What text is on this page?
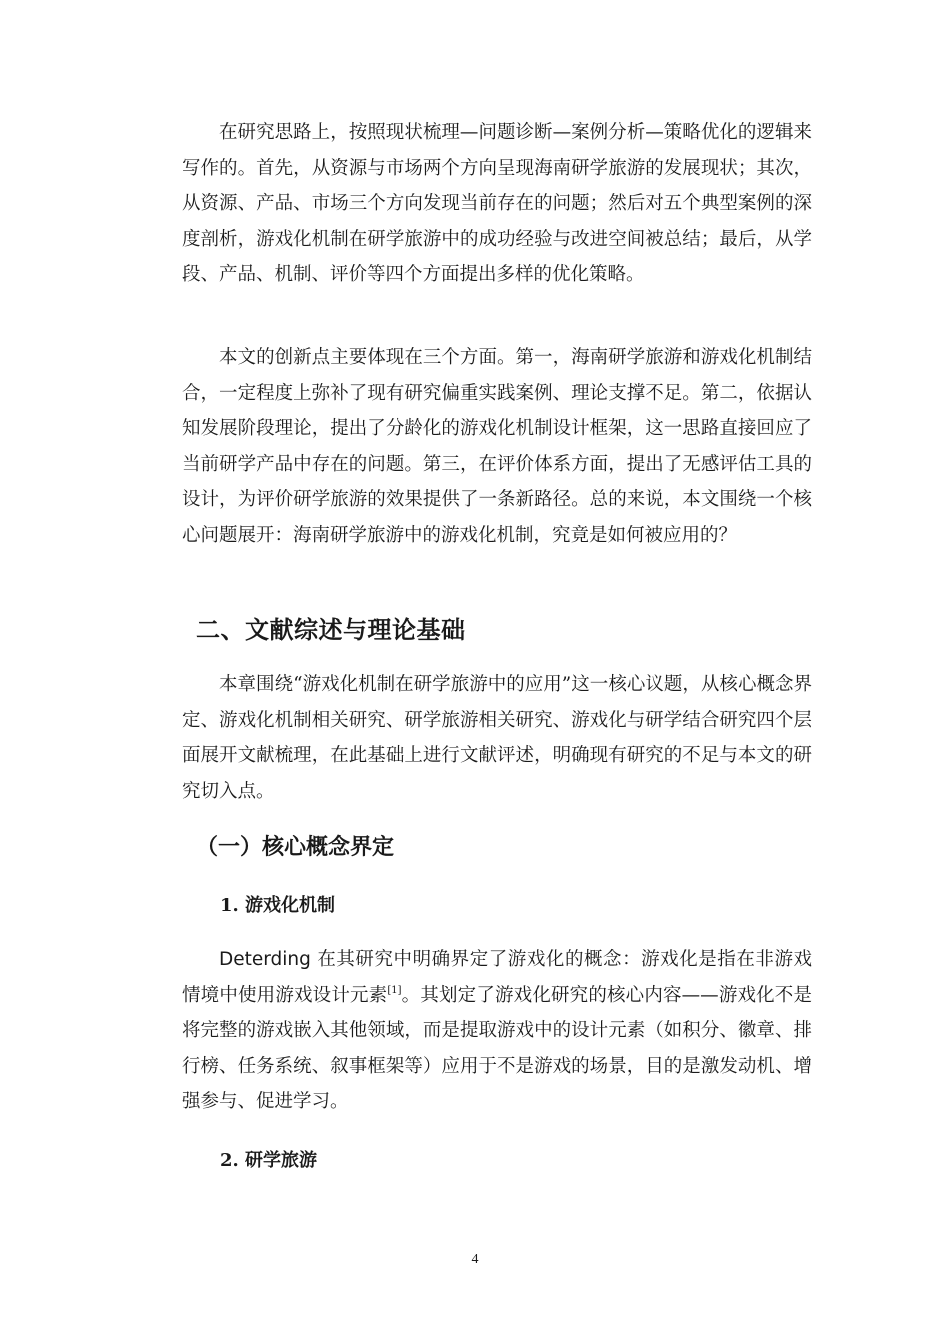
在研究思路上，按照现状梳理—问题诊断—案例分析—策略优化的逻辑来写作的。首先，从资源与市场两个方向呈现海南研学旅游的发展现状；其次，从资源、产品、市场三个方向发现当前存在的问题；然后对五个典型案例的深度剖析，游戏化机制在研学旅游中的成功经验与改进空间被总结；最后，从学段、产品、机制、评价等四个方面提出多样的优化策略。

本文的创新点主要体现在三个方面。第一，海南研学旅游和游戏化机制结合，一定程度上弥补了现有研究偏重实践案例、理论支撑不足。第二，依据认知发展阶段理论，提出了分龄化的游戏化机制设计框架，这一思路直接回应了当前研学产品中存在的问题。第三，在评价体系方面，提出了无感评估工具的设计，为评价研学旅游的效果提供了一条新路径。总的来说，本文围绕一个核心问题展开：海南研学旅游中的游戏化机制，究竟是如何被应用的？

二、文献综述与理论基础

本章围绕“游戏化机制在研学旅游中的应用”这一核心议题，从核心概念界定、游戏化机制相关研究、研学旅游相关研究、游戏化与研学结合研究四个层面展开文献梳理，在此基础上进行文献评述，明确现有研究的不足与本文的研究切入点。

（一）核心概念界定
1. 游戏化机制

Deterding 在其研究中明确界定了游戏化的概念：游戏化是指在非游戏情境中使用游戏设计元素[1]。其划定了游戏化研究的核心内容——游戏化不是将完整的游戏嵌入其他领域，而是提取游戏中的设计元素（如积分、徽章、排行榜、任务系统、叙事框架等）应用于不是游戏的场景，目的是激发动机、增强参与、促进学习。

2. 研学旅游
4
